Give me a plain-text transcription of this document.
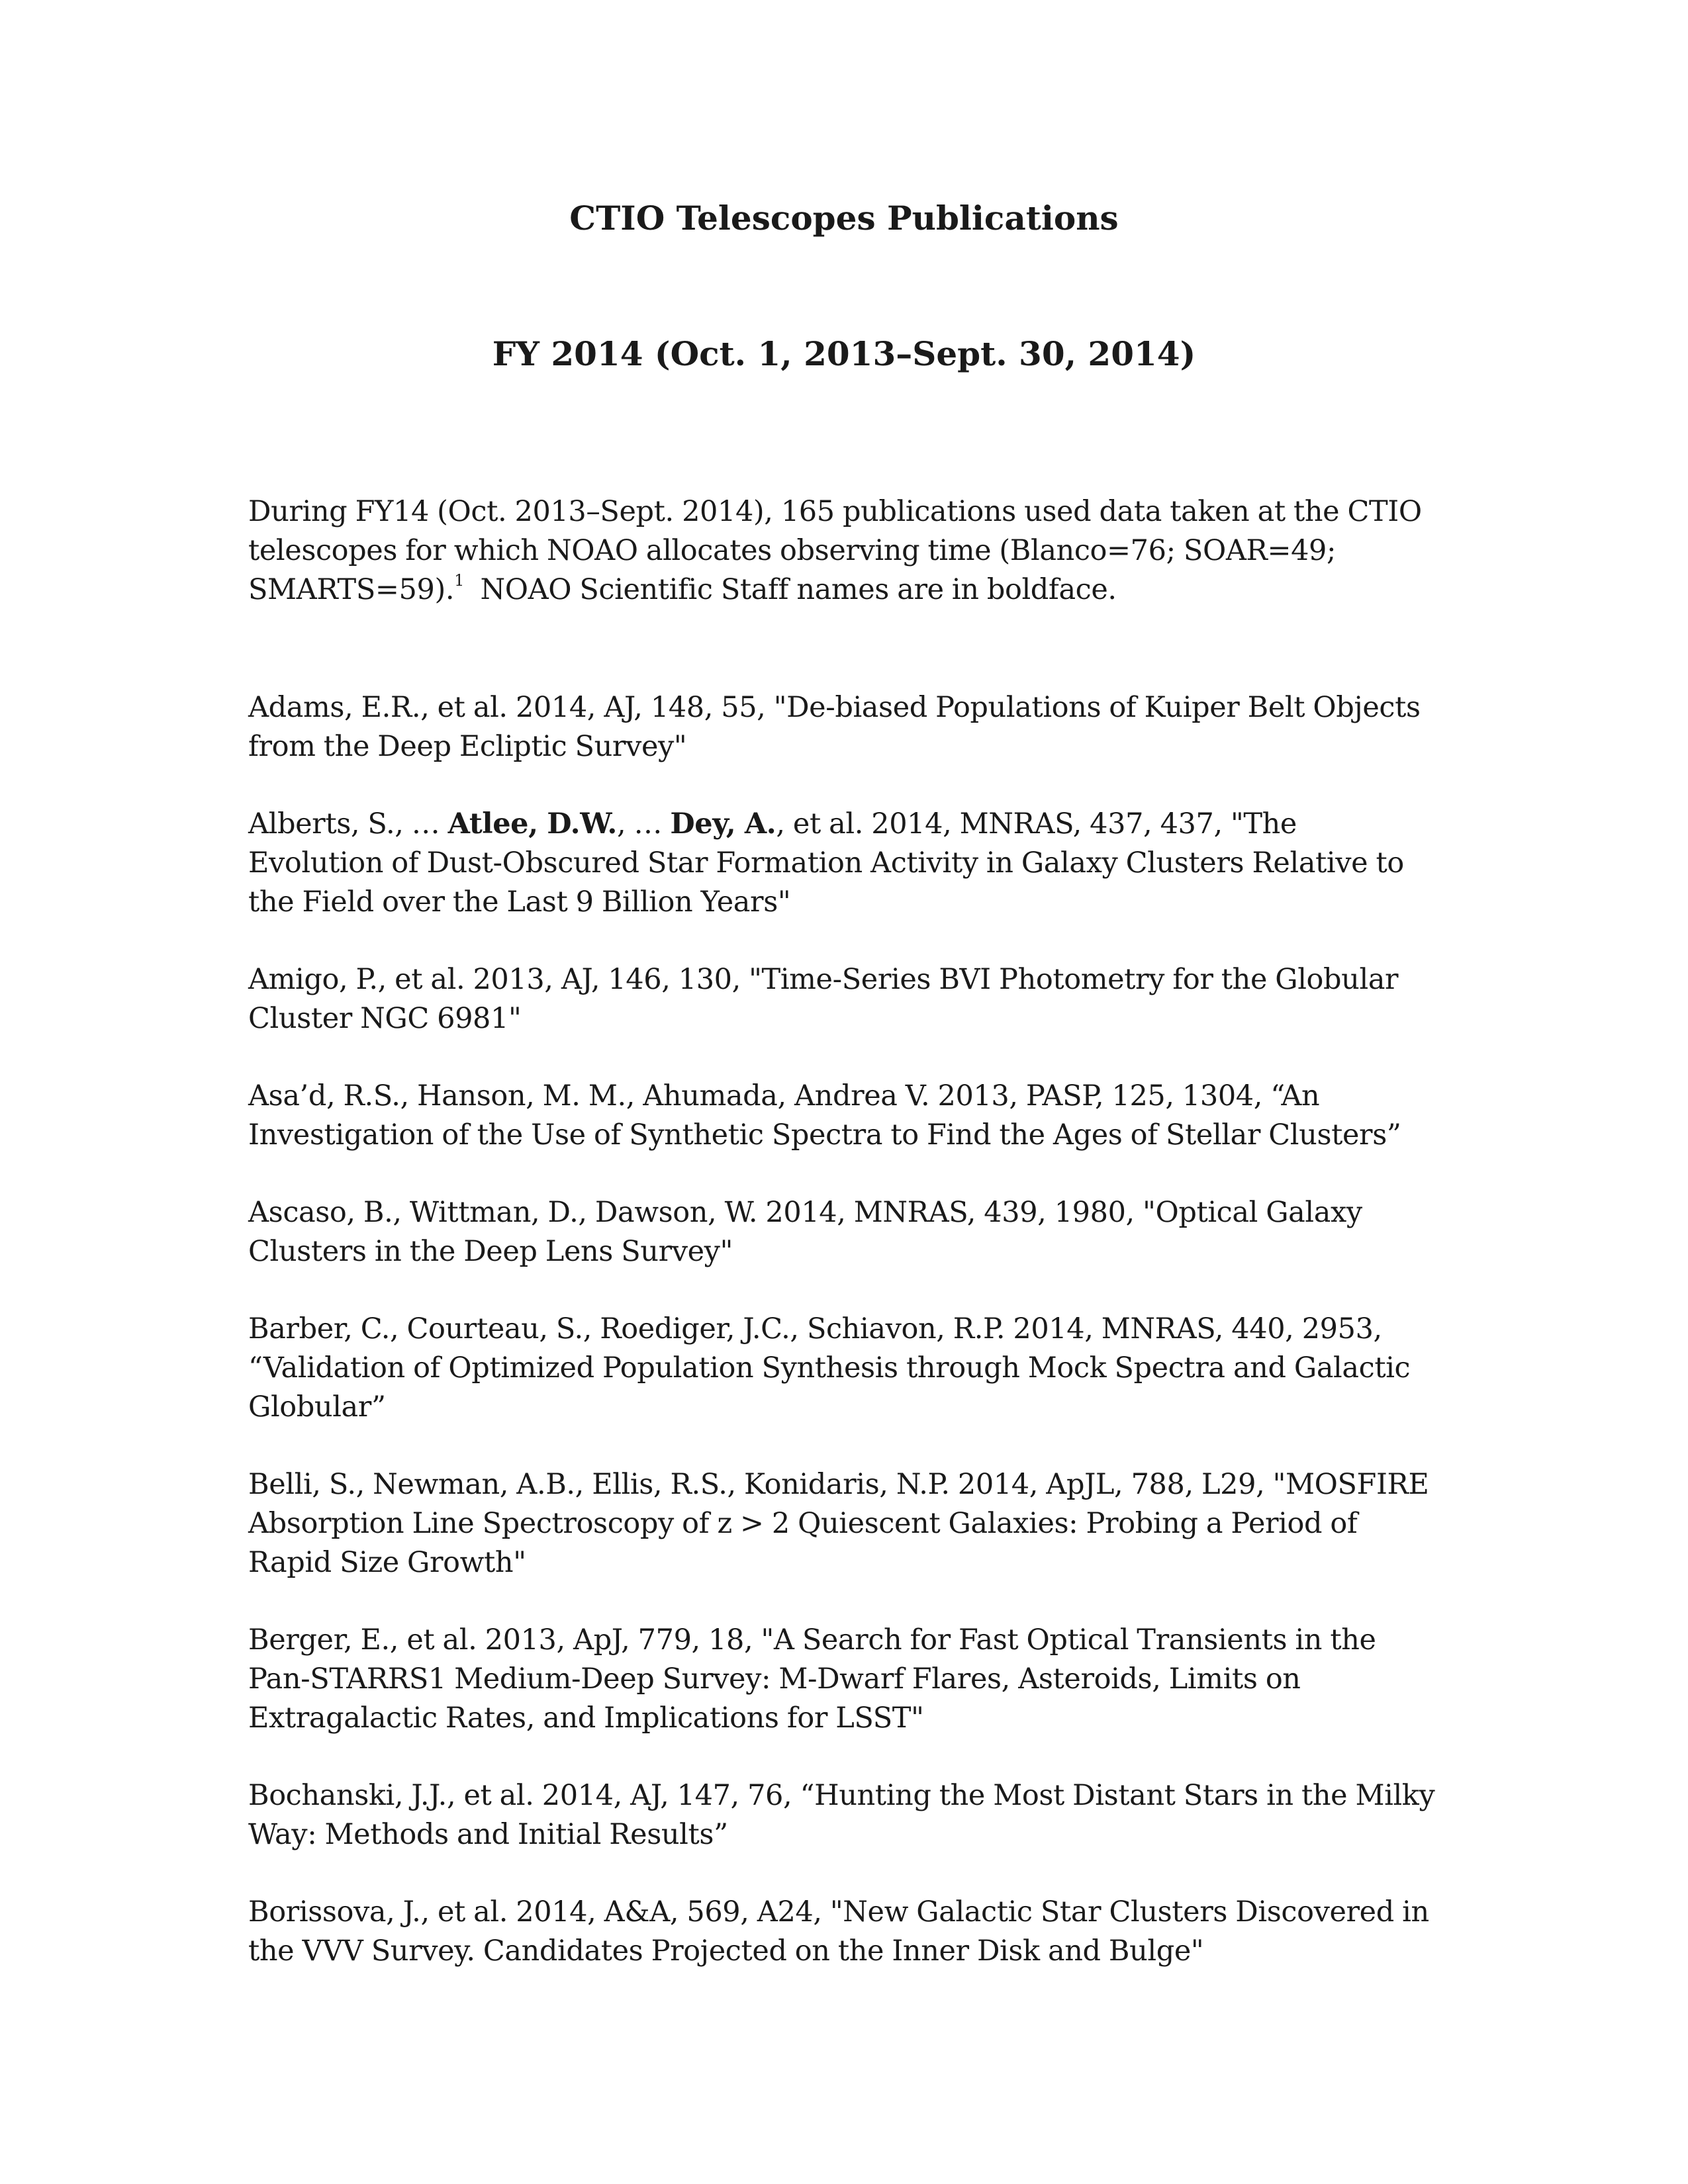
CTIO Telescopes Publications
FY 2014 (Oct. 1, 2013–Sept. 30, 2014)

During FY14 (Oct. 2013–Sept. 2014), 165 publications used data taken at the CTIO telescopes for which NOAO allocates observing time (Blanco=76; SOAR=49; SMARTS=59).$^1$ NOAO Scientific Staff names are in boldface.

Adams, E.R., et al. 2014, AJ, 148, 55, "De-biased Populations of Kuiper Belt Objects from the Deep Ecliptic Survey"
Alberts, S., … Atlee, D.W., … Dey, A., et al. 2014, MNRAS, 437, 437, "The Evolution of Dust-Obscured Star Formation Activity in Galaxy Clusters Relative to the Field over the Last 9 Billion Years"
Amigo, P., et al. 2013, AJ, 146, 130, "Time-Series BVI Photometry for the Globular Cluster NGC 6981"
Asa’d, R.S., Hanson, M. M., Ahumada, Andrea V. 2013, PASP, 125, 1304, “An Investigation of the Use of Synthetic Spectra to Find the Ages of Stellar Clusters”
Ascaso, B., Wittman, D., Dawson, W. 2014, MNRAS, 439, 1980, "Optical Galaxy Clusters in the Deep Lens Survey"
Barber, C., Courteau, S., Roediger, J.C., Schiavon, R.P. 2014, MNRAS, 440, 2953, “Validation of Optimized Population Synthesis through Mock Spectra and Galactic Globular”
Belli, S., Newman, A.B., Ellis, R.S., Konidaris, N.P. 2014, ApJL, 788, L29, "MOSFIRE Absorption Line Spectroscopy of z > 2 Quiescent Galaxies: Probing a Period of Rapid Size Growth"
Berger, E., et al. 2013, ApJ, 779, 18, "A Search for Fast Optical Transients in the Pan-STARRS1 Medium-Deep Survey: M-Dwarf Flares, Asteroids, Limits on Extragalactic Rates, and Implications for LSST"
Bochanski, J.J., et al. 2014, AJ, 147, 76, “Hunting the Most Distant Stars in the Milky Way: Methods and Initial Results”
Borissova, J., et al. 2014, A&A, 569, A24, "New Galactic Star Clusters Discovered in the VVV Survey. Candidates Projected on the Inner Disk and Bulge"
